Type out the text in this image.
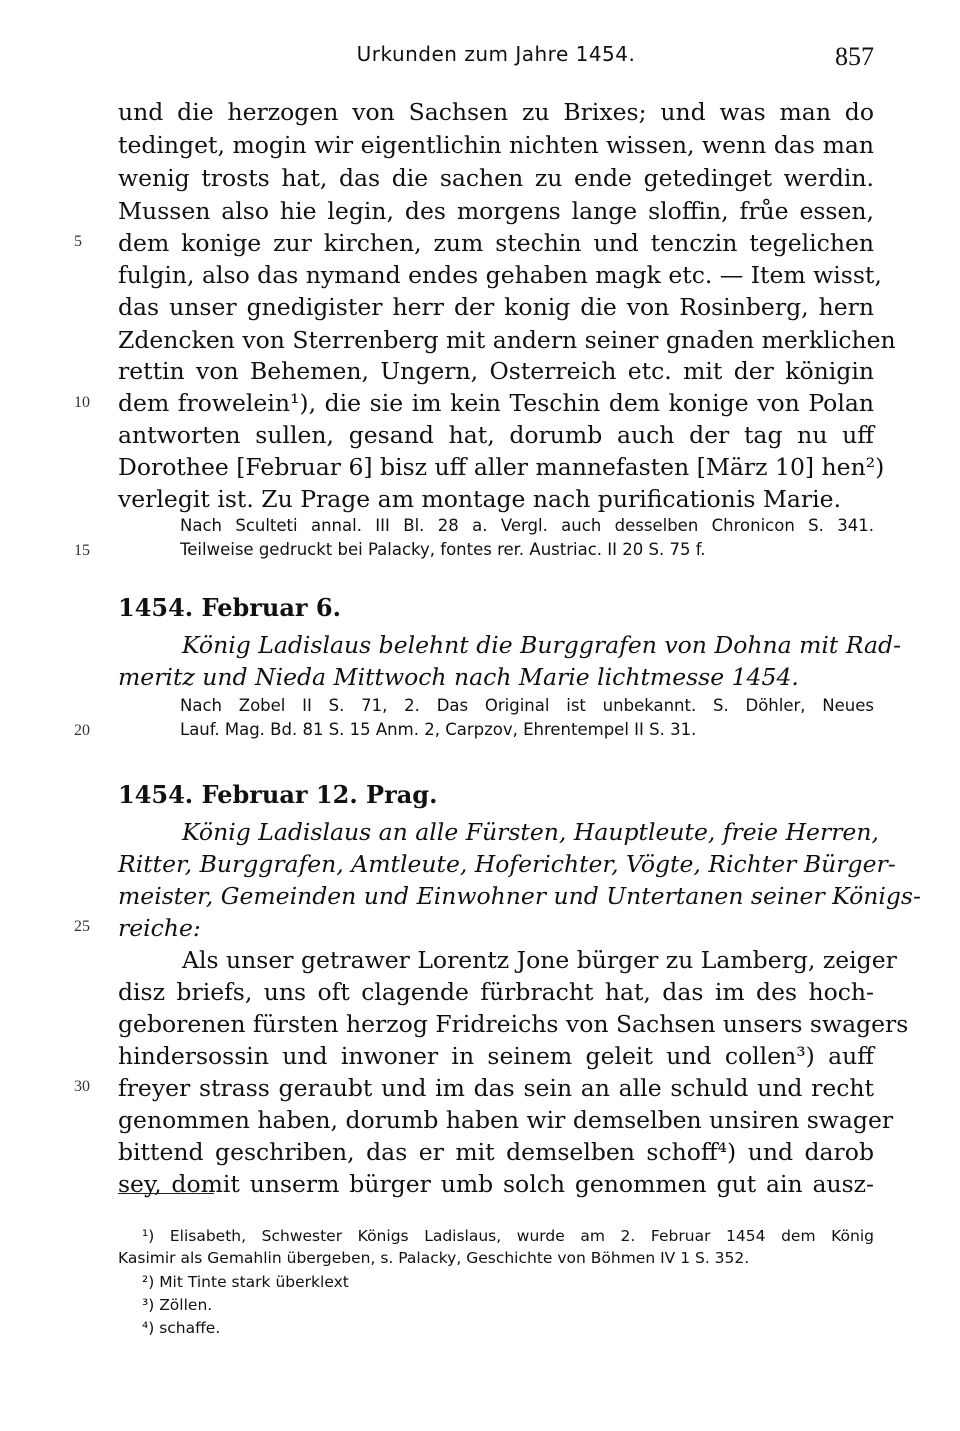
Urkunden zum Jahre 1454.	857
und die herzogen von Sachsen zu Brixes; und was man do
tedinget, mogin wir eigentlichin nichten wissen, wenn das man
wenig trosts hat, das die sachen zu ende getedinget werdin.
Mussen also hie legin, des morgens lange sloffin, frůe essen,
dem konige zur kirchen, zum stechin und tenczin tegelichen
fulgin, also das nymand endes gehaben magk etc. — Item wisst,
das unser gnedigister herr der konig die von Rosinberg, hern
Zdencken von Sterrenberg mit andern seiner gnaden merklichen
rettin von Behemen, Ungern, Osterreich etc. mit der königin
dem frowelein¹), die sie im kein Teschin dem konige von Polan
antworten sullen, gesand hat, dorumb auch der tag nu uff
Dorothee [Februar 6] bisz uff aller mannefasten [März 10] hen²)
verlegit ist. Zu Prage am montage nach purificationis Marie.
Nach Sculteti annal. III Bl. 28 a. Vergl. auch desselben Chronicon S. 341.
Teilweise gedruckt bei Palacky, fontes rer. Austriac. II 20 S. 75 f.
1454. Februar 6.
König Ladislaus belehnt die Burggrafen von Dohna mit Rad-
meritz und Nieda Mittwoch nach Marie lichtmesse 1454.
Nach Zobel II S. 71, 2. Das Original ist unbekannt. S. Döhler, Neues
Lauf. Mag. Bd. 81 S. 15 Anm. 2, Carpzov, Ehrentempel II S. 31.
1454. Februar 12. Prag.
König Ladislaus an alle Fürsten, Hauptleute, freie Herren,
Ritter, Burggrafen, Amtleute, Hoferichter, Vögte, Richter Bürger-
meister, Gemeinden und Einwohner und Untertanen seiner Königs-
reiche:
Als unser getrawer Lorentz Jone bürger zu Lamberg, zeiger
disz briefs, uns oft clagende fürbracht hat, das im des hoch-
geborenen fürsten herzog Fridreichs von Sachsen unsers swagers
hindersossin und inwoner in seinem geleit und collen³) auff
freyer strass geraubt und im das sein an alle schuld und recht
genommen haben, dorumb haben wir demselben unsiren swager
bittend geschriben, das er mit demselben schoff⁴) und darob
sey, domit unserm bürger umb solch genommen gut ain ausz-
5
10
15
20
25
30
¹) Elisabeth, Schwester Königs Ladislaus, wurde am 2. Februar 1454 dem König
Kasimir als Gemahlin übergeben, s. Palacky, Geschichte von Böhmen IV 1 S. 352.
²) Mit Tinte stark überklext
³) Zöllen.
⁴) schaffe.
